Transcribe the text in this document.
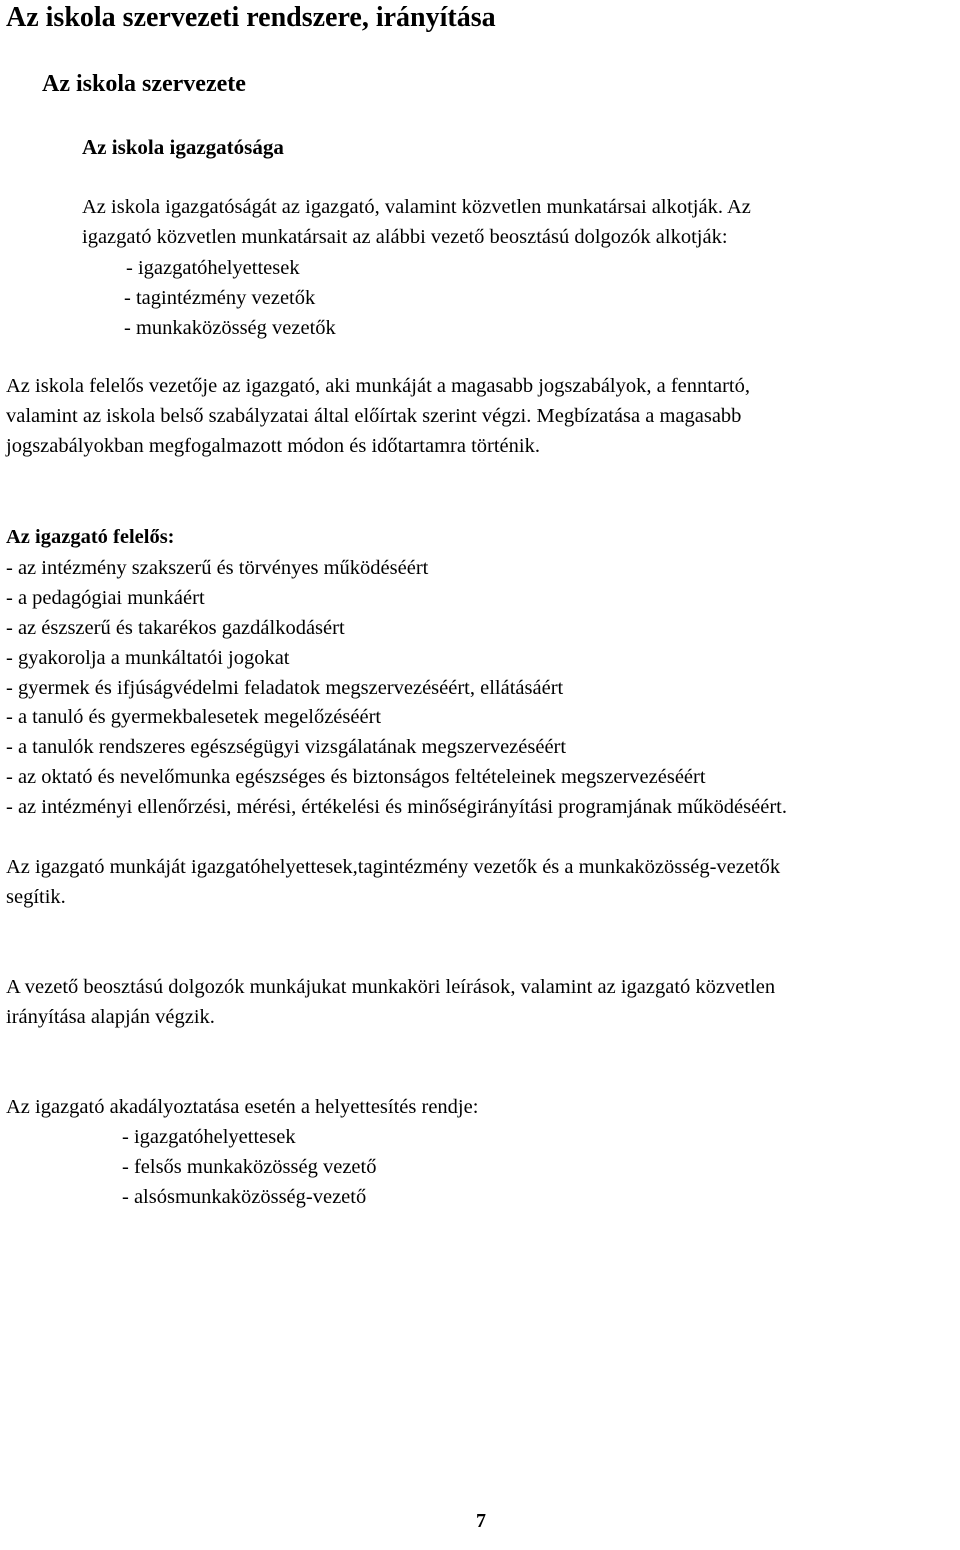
Az iskola szervezeti rendszere, irányítása
Az iskola szervezete
Az iskola igazgatósága
Az iskola igazgatóságát az igazgató, valamint közvetlen munkatársai alkotják. Az
igazgató közvetlen munkatársait az alábbi vezető beosztású dolgozók alkotják:
- igazgatóhelyettesek
- tagintézmény vezetők
- munkaközösség vezetők
Az iskola felelős vezetője az igazgató, aki munkáját a magasabb jogszabályok, a fenntartó,
valamint az iskola belső szabályzatai által előírtak szerint végzi. Megbízatása a magasabb
jogszabályokban megfogalmazott módon és időtartamra történik.
Az igazgató felelős:
- az intézmény szakszerű és törvényes működéséért
- a pedagógiai munkáért
- az észszerű és takarékos gazdálkodásért
- gyakorolja a munkáltatói jogokat
- gyermek és ifjúságvédelmi feladatok megszervezéséért, ellátásáért
- a tanuló és gyermekbalesetek megelőzéséért
- a tanulók rendszeres egészségügyi vizsgálatának megszervezéséért
- az oktató és nevelőmunka egészséges és biztonságos feltételeinek megszervezéséért
- az intézményi ellenőrzési, mérési, értékelési és minőségirányítási programjának működéséért.
Az igazgató munkáját igazgatóhelyettesek,tagintézmény vezetők és a munkaközösség-vezetők
segítik.
A vezető beosztású dolgozók munkájukat munkaköri leírások, valamint az igazgató közvetlen
irányítása alapján végzik.
Az igazgató akadályoztatása esetén a helyettesítés rendje:
- igazgatóhelyettesek
- felsős munkaközösség vezető
- alsósmunkaközösség-vezető
7
